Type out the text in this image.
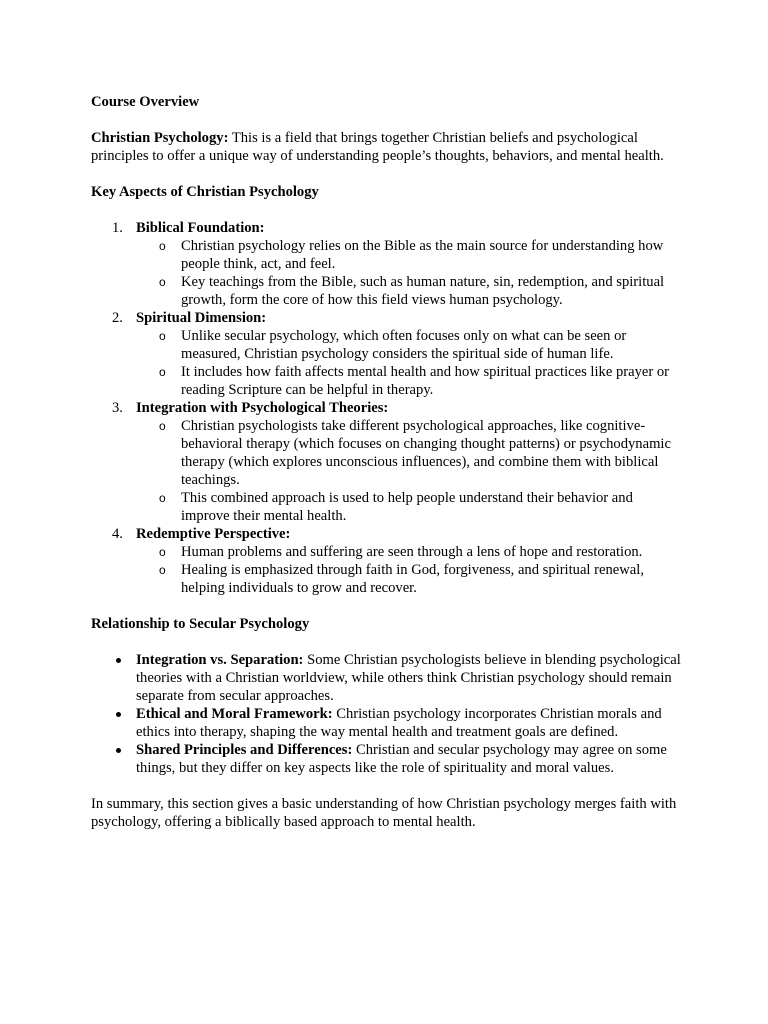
Course Overview

Christian Psychology: This is a field that brings together Christian beliefs and psychological principles to offer a unique way of understanding people’s thoughts, behaviors, and mental health.

Key Aspects of Christian Psychology

1. Biblical Foundation:
o Christian psychology relies on the Bible as the main source for understanding how people think, act, and feel.
o Key teachings from the Bible, such as human nature, sin, redemption, and spiritual growth, form the core of how this field views human psychology.
2. Spiritual Dimension:
o Unlike secular psychology, which often focuses only on what can be seen or measured, Christian psychology considers the spiritual side of human life.
o It includes how faith affects mental health and how spiritual practices like prayer or reading Scripture can be helpful in therapy.
3. Integration with Psychological Theories:
o Christian psychologists take different psychological approaches, like cognitive-behavioral therapy (which focuses on changing thought patterns) or psychodynamic therapy (which explores unconscious influences), and combine them with biblical teachings.
o This combined approach is used to help people understand their behavior and improve their mental health.
4. Redemptive Perspective:
o Human problems and suffering are seen through a lens of hope and restoration.
o Healing is emphasized through faith in God, forgiveness, and spiritual renewal, helping individuals to grow and recover.

Relationship to Secular Psychology

Integration vs. Separation: Some Christian psychologists believe in blending psychological theories with a Christian worldview, while others think Christian psychology should remain separate from secular approaches.
Ethical and Moral Framework: Christian psychology incorporates Christian morals and ethics into therapy, shaping the way mental health and treatment goals are defined.
Shared Principles and Differences: Christian and secular psychology may agree on some things, but they differ on key aspects like the role of spirituality and moral values.

In summary, this section gives a basic understanding of how Christian psychology merges faith with psychology, offering a biblically based approach to mental health.
